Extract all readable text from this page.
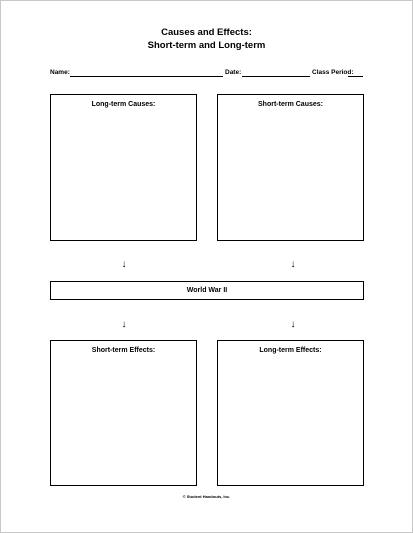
Causes and Effects:
Short-term and Long-term
Name:	Date:	Class Period:
Long-term Causes:	Short-term Causes:
↓	↓
World War II
↓	↓
Short-term Effects:	Long-term Effects:
© Student Handouts, Inc.
